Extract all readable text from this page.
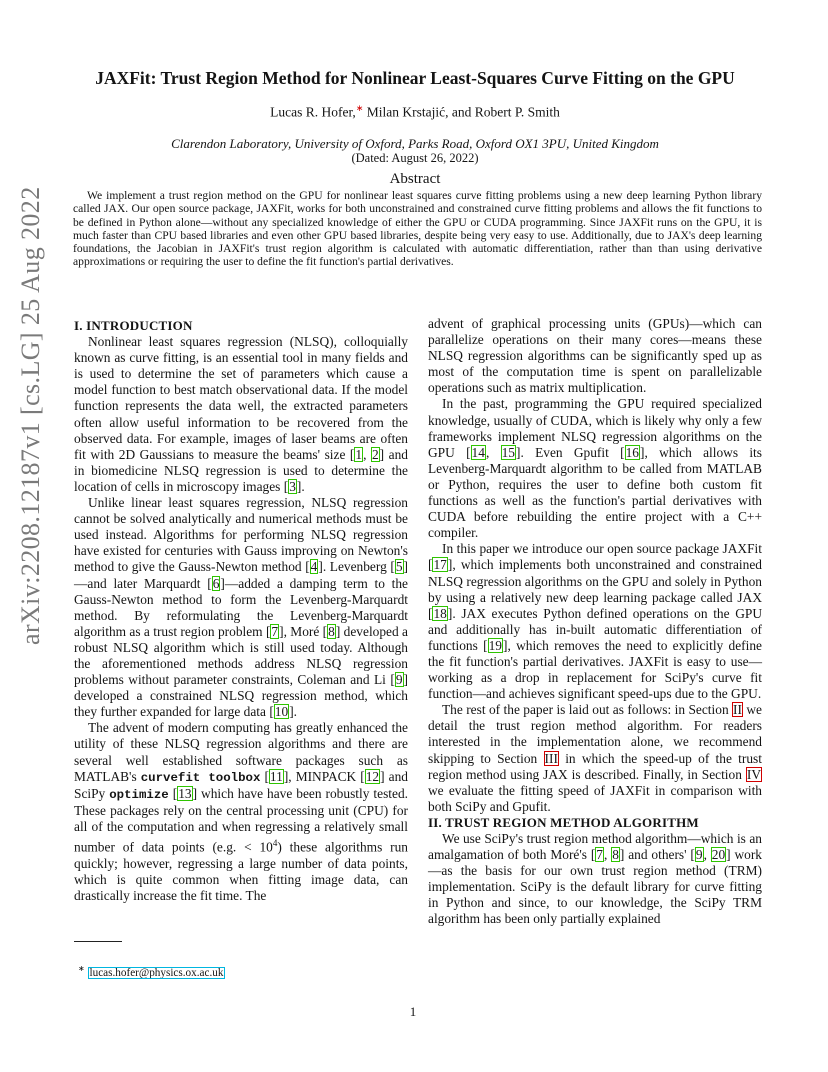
arXiv:2208.12187v1 [cs.LG] 25 Aug 2022
JAXFit: Trust Region Method for Nonlinear Least-Squares Curve Fitting on the GPU
Lucas R. Hofer,∗ Milan Krstajić, and Robert P. Smith
Clarendon Laboratory, University of Oxford, Parks Road, Oxford OX1 3PU, United Kingdom
(Dated: August 26, 2022)
Abstract
We implement a trust region method on the GPU for nonlinear least squares curve fitting problems using a new deep learning Python library called JAX. Our open source package, JAXFit, works for both unconstrained and constrained curve fitting problems and allows the fit functions to be defined in Python alone—without any specialized knowledge of either the GPU or CUDA programming. Since JAXFit runs on the GPU, it is much faster than CPU based libraries and even other GPU based libraries, despite being very easy to use. Additionally, due to JAX's deep learning foundations, the Jacobian in JAXFit's trust region algorithm is calculated with automatic differentiation, rather than than using derivative approximations or requiring the user to define the fit function's partial derivatives.

I. INTRODUCTION

Nonlinear least squares regression (NLSQ), colloquially known as curve fitting, is an essential tool in many fields and is used to determine the set of parameters which cause a model function to best match observational data. If the model function represents the data well, the extracted parameters often allow useful information to be recovered from the observed data. For example, images of laser beams are often fit with 2D Gaussians to measure the beams' size [1, 2] and in biomedicine NLSQ regression is used to determine the location of cells in microscopy images [3].

Unlike linear least squares regression, NLSQ regression cannot be solved analytically and numerical methods must be used instead. Algorithms for performing NLSQ regression have existed for centuries with Gauss improving on Newton's method to give the Gauss-Newton method [4]. Levenberg [5]—and later Marquardt [6]—added a damping term to the Gauss-Newton method to form the Levenberg-Marquardt method. By reformulating the Levenberg-Marquardt algorithm as a trust region problem [7], Moré [8] developed a robust NLSQ algorithm which is still used today. Although the aforementioned methods address NLSQ regression problems without parameter constraints, Coleman and Li [9] developed a constrained NLSQ regression method, which they further expanded for large data [10].

The advent of modern computing has greatly enhanced the utility of these NLSQ regression algorithms and there are several well established software packages such as MATLAB's curvefit toolbox [11], MINPACK [12] and SciPy optimize [13] which have have been robustly tested. These packages rely on the central processing unit (CPU) for all of the computation and when regressing a relatively small number of data points (e.g. < $10^4$) these algorithms run quickly; however, regressing a large number of data points, which is quite common when fitting image data, can drastically increase the fit time. The

advent of graphical processing units (GPUs)—which can parallelize operations on their many cores—means these NLSQ regression algorithms can be significantly sped up as most of the computation time is spent on parallelizable operations such as matrix multiplication.

In the past, programming the GPU required specialized knowledge, usually of CUDA, which is likely why only a few frameworks implement NLSQ regression algorithms on the GPU [14, 15]. Even Gpufit [16], which allows its Levenberg-Marquardt algorithm to be called from MATLAB or Python, requires the user to define both custom fit functions as well as the function's partial derivatives with CUDA before rebuilding the entire project with a C++ compiler.

In this paper we introduce our open source package JAXFit [17], which implements both unconstrained and constrained NLSQ regression algorithms on the GPU and solely in Python by using a relatively new deep learning package called JAX [18]. JAX executes Python defined operations on the GPU and additionally has in-built automatic differentiation of functions [19], which removes the need to explicitly define the fit function's partial derivatives. JAXFit is easy to use—working as a drop in replacement for SciPy's curve fit function—and achieves significant speed-ups due to the GPU.

The rest of the paper is laid out as follows: in Section II we detail the trust region method algorithm. For readers interested in the implementation alone, we recommend skipping to Section III in which the speed-up of the trust region method using JAX is described. Finally, in Section IV we evaluate the fitting speed of JAXFit in comparison with both SciPy and Gpufit.

II. TRUST REGION METHOD ALGORITHM

We use SciPy's trust region method algorithm—which is an amalgamation of both Moré's [7, 8] and others' [9, 20] work—as the basis for our own trust region method (TRM) implementation. SciPy is the default library for curve fitting in Python and since, to our knowledge, the SciPy TRM algorithm has been only partially explained

∗ lucas.hofer@physics.ox.ac.uk
1
